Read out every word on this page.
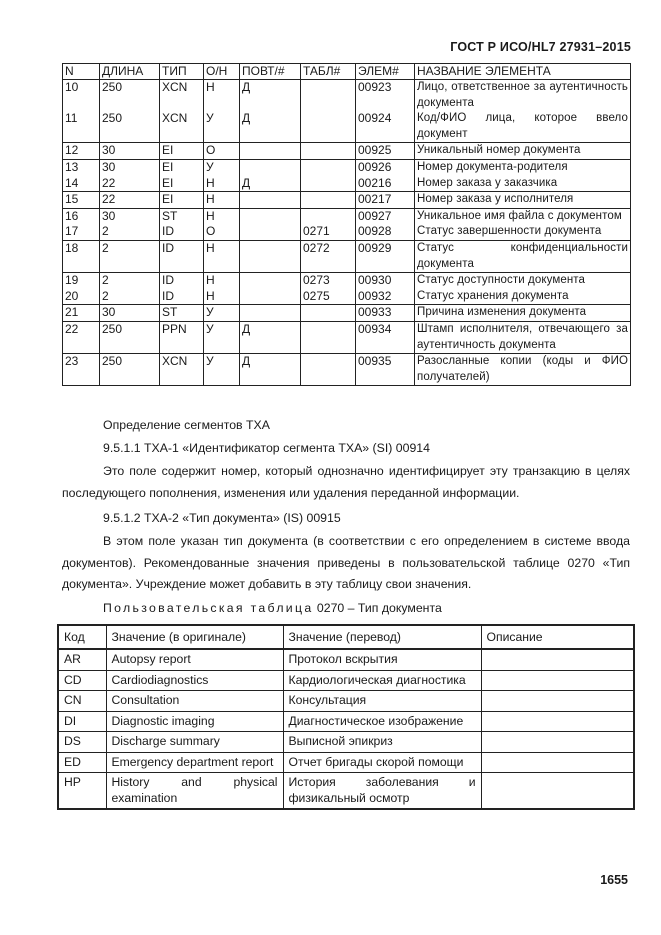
ГОСТ Р ИСО/HL7 27931–2015
N	ДЛИНА	ТИП	О/Н	ПОВТ/#	ТАБЛ#	ЭЛЕМ#	НАЗВАНИЕ ЭЛЕМЕНТА
10	250	XCN	Н	Д		00923	Лицо, ответственное за аутентичность документа
11	250	XCN	У	Д		00924	Код/ФИО лица, которое ввело документ
12	30	EI	О			00925	Уникальный номер документа
13	30	EI	У			00926	Номер документа-родителя
14	22	EI	Н	Д		00216	Номер заказа у заказчика
15	22	EI	Н			00217	Номер заказа у исполнителя
16	30	ST	Н			00927	Уникальное имя файла с документом
17	2	ID	О		0271	00928	Статус завершенности документа
18	2	ID	Н		0272	00929	Статус конфиденциальности документа
19	2	ID	Н		0273	00930	Статус доступности документа
20	2	ID	Н		0275	00932	Статус хранения документа
21	30	ST	У			00933	Причина изменения документа
22	250	PPN	У	Д		00934	Штамп исполнителя, отвечающего за аутентичность документа
23	250	XCN	У	Д		00935	Разосланные копии (коды и ФИО получателей)

Определение сегментов ТХА

9.5.1.1 ТХА-1 «Идентификатор сегмента ТХА» (SI) 00914

Это поле содержит номер, который однозначно идентифицирует эту транзакцию в целях последующего пополнения, изменения или удаления переданной информации.

9.5.1.2 ТХА-2 «Тип документа» (IS) 00915

В этом поле указан тип документа (в соответствии с его определением в системе ввода документов). Рекомендованные значения приведены в пользовательской таблице 0270 «Тип документа». Учреждение может добавить в эту таблицу свои значения.

Пользовательская таблица 0270 – Тип документа

Код	Значение (в оригинале)	Значение (перевод)	Описание
AR	Autopsy report	Протокол вскрытия	
CD	Cardiodiagnostics	Кардиологическая диагностика	
CN	Consultation	Консультация	
DI	Diagnostic imaging	Диагностическое изображение	
DS	Discharge summary	Выписной эпикриз	
ED	Emergency department report	Отчет бригады скорой помощи	
HP	History and physical examination	История заболевания и физикальный осмотр	
1655
